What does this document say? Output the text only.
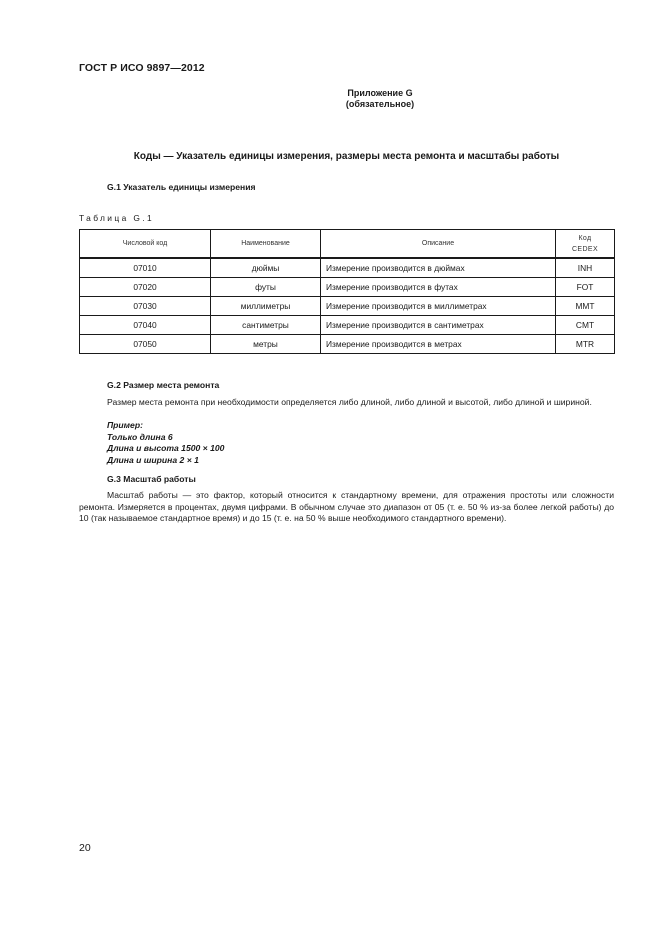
ГОСТ Р ИСО 9897—2012
Приложение G
(обязательное)
Коды — Указатель единицы измерения, размеры места ремонта и масштабы работы
G.1 Указатель единицы измерения
Таблица G.1
Числовой код	Наименование	Описание	Код
CEDEX

07010	дюймы	Измерение производится в дюймах	INH
07020	футы	Измерение производится в футах	FOT
07030	миллиметры	Измерение производится в миллиметрах	MMT
07040	сантиметры	Измерение производится в сантиметрах	CMT
07050	метры	Измерение производится в метрах	MTR
G.2 Размер места ремонта
Размер места ремонта при необходимости определяется либо длиной, либо длиной и высотой, либо длиной и шириной.
Пример:
Только длина 6
Длина и высота 1500 × 100
Длина и ширина 2 × 1
G.3 Масштаб работы
Масштаб работы — это фактор, который относится к стандартному времени, для отражения простоты или сложности ремонта. Измеряется в процентах, двумя цифрами. В обычном случае это диапазон от 05 (т. е. 50 % из-за более легкой работы) до 10 (так называемое стандартное время) и до 15 (т. е. на 50 % выше необходимого стандартного времени).
20
